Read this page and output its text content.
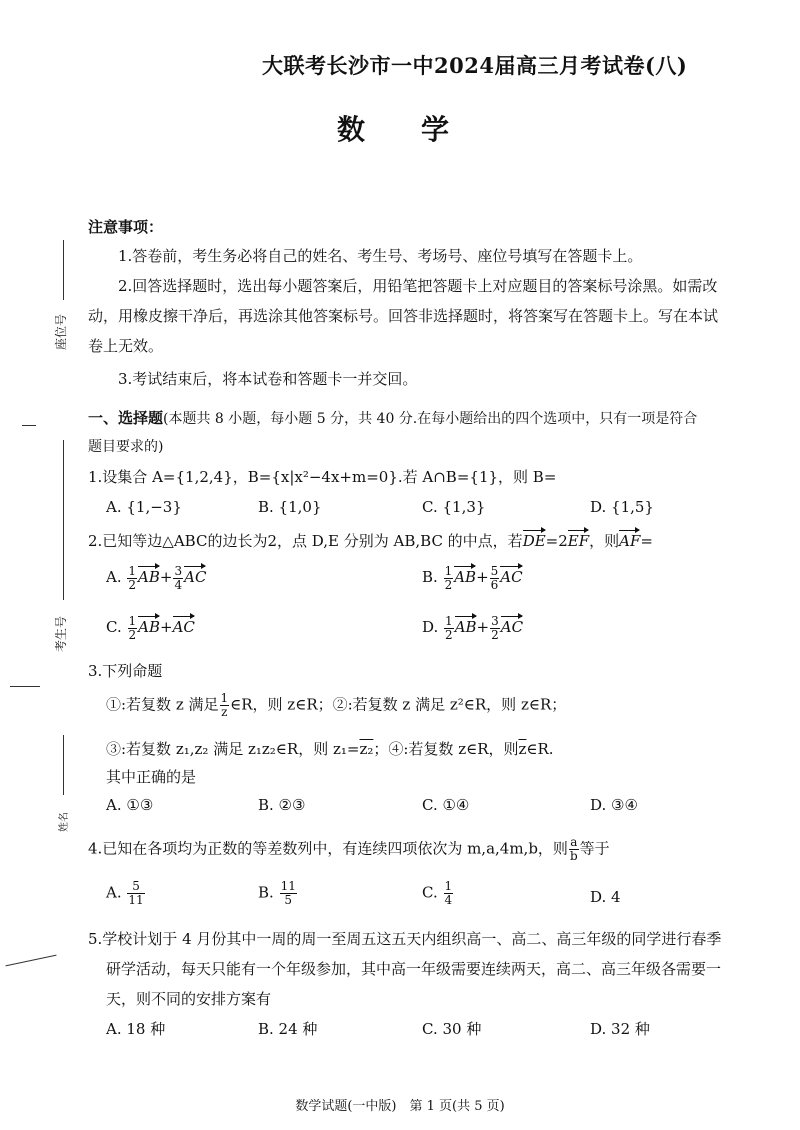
大联考长沙市一中2024届高三月考试卷(八)
数　学
座位号
考生号
姓名
注意事项：
1.答卷前，考生务必将自己的姓名、考生号、考场号、座位号填写在答题卡上。
2.回答选择题时，选出每小题答案后，用铅笔把答题卡上对应题目的答案标号涂黑。如需改
动，用橡皮擦干净后，再选涂其他答案标号。回答非选择题时，将答案写在答题卡上。写在本试
卷上无效。
3.考试结束后，将本试卷和答题卡一并交回。
一、选择题(本题共 8 小题，每小题 5 分，共 40 分.在每小题给出的四个选项中，只有一项是符合
题目要求的)
1.设集合 A={1,2,4}，B={x|x²−4x+m=0}.若 A∩B={1}，则 B=
A. {1,−3}	B. {1,0}	C. {1,3}	D. {1,5}
2.已知等边△ABC的边长为2，点 D,E 分别为 AB,BC 的中点，若DE=2EF，则AF=
A. $\frac{1}{2} AB+ \frac{3}{4}$ AC	B. $\frac{1}{2} AB+ \frac{5}{6}$ AC
C. $\frac{1}{2} AB+AC$	D. $\frac{1}{2} AB+ \frac{3}{2}$ AC
3.下列命题
①:若复数 z 满足 $\frac{1}{z}$ ∈R，则 z∈R；②:若复数 z 满足 z²∈R，则 z∈R；
③:若复数 z₁,z₂ 满足 z₁z₂∈R，则 z₁=z₂；④:若复数 z∈R，则$\overline{z}\in R$.
其中正确的是
A. ①③	B. ②③	C. ①④	D. ③④
4.已知在各项均为正数的等差数列中，有连续四项依次为 m,a,4m,b，则 $\frac{a}{b}$ 等于
A. $\frac{5}{11}$	B. $\frac{11}{5}$	C. $\frac{1}{4}$	D. 4
5.学校计划于 4 月份其中一周的周一至周五这五天内组织高一、高二、高三年级的同学进行春季
研学活动，每天只能有一个年级参加，其中高一年级需要连续两天，高二、高三年级各需要一
天，则不同的安排方案有
A. 18 种	B. 24 种	C. 30 种	D. 32 种
数学试题(一中版)　第 1 页(共 5 页)
